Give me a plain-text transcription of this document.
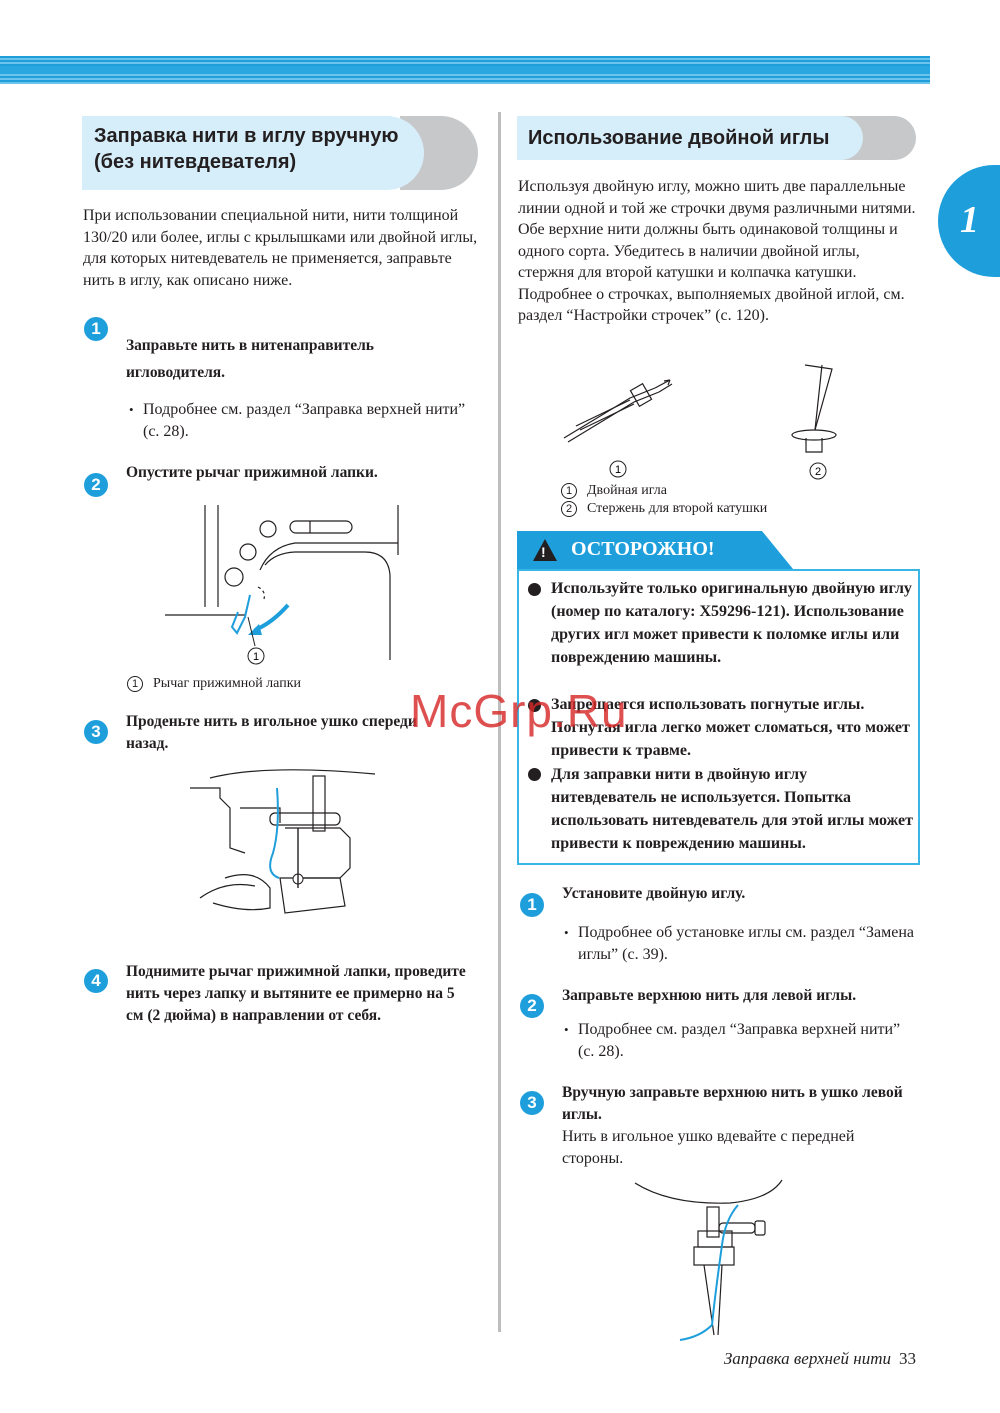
1
Заправка нити в иглу вручную
(без нитевдевателя)
При использовании специальной нити, нити толщиной 130/20 или более, иглы с крылышками или двойной иглы, для которых нитевдеватель не применяется, заправьте нить в иглу, как описано ниже.
1
Заправьте нить в нитенаправитель игловодителя.
• Подробнее см. раздел “Заправка верхней нити” (с. 28).
2
Опустите рычаг прижимной лапки.
1
1 Рычаг прижимной лапки
3
Проденьте нить в игольное ушко спереди назад.
4	Поднимите рычаг прижимной лапки, проведите нить через лапку и вытяните ее примерно на 5 см (2 дюйма) в направлении от себя.
Использование двойной иглы
Используя двойную иглу, можно шить две параллельные линии одной и той же строчки двумя различными нитями. Обе верхние нити должны быть одинаковой толщины и одного сорта. Убедитесь в наличии двойной иглы, стержня для второй катушки и колпачка катушки. Подробнее о строчках, выполняемых двойной иглой, см. раздел “Настройки строчек” (с. 120).
1	2
1 Двойная игла
2 Стержень для второй катушки
! ОСТОРОЖНО!
Используйте только оригинальную двойную иглу (номер по каталогу: X59296-121). Использование других игл может привести к поломке иглы или повреждению машины.
Запрещается использовать погнутые иглы. Погнутая игла легко может сломаться, что может привести к травме.
Для заправки нити в двойную иглу нитевдеватель не используется. Попытка использовать нитевдеватель для этой иглы может привести к повреждению машины.
1
Установите двойную иглу.
• Подробнее об установке иглы см. раздел “Замена иглы” (с. 39).
2
Заправьте верхнюю нить для левой иглы.
• Подробнее см. раздел “Заправка верхней нити” (с. 28).
3
Вручную заправьте верхнюю нить в ушко левой иглы.
Нить в игольное ушко вдевайте с передней стороны.
McGrp.Ru
Заправка верхней нити 33
